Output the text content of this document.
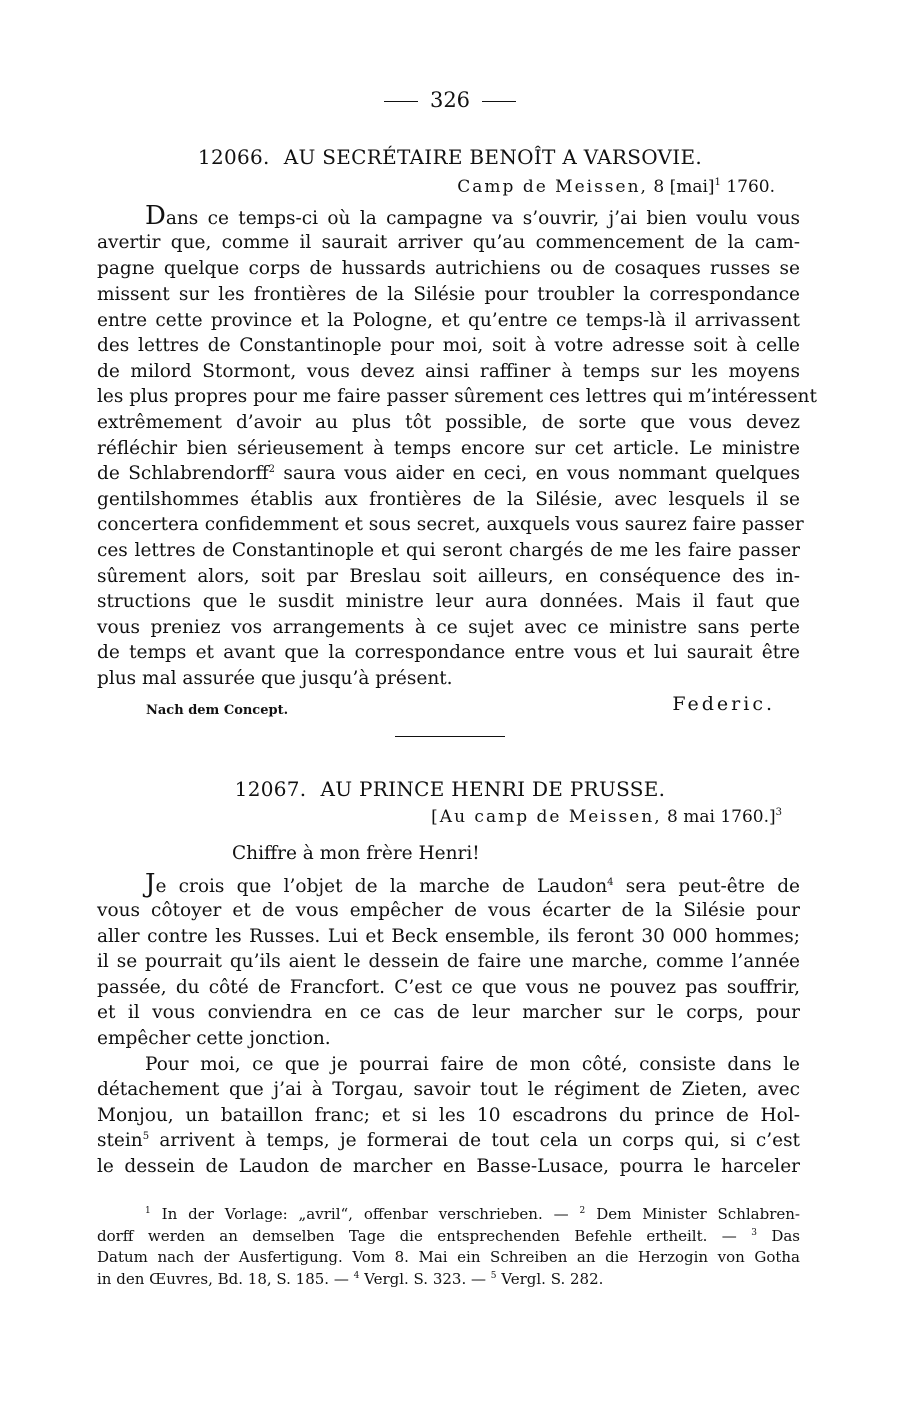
326
12066. AU SECRÉTAIRE BENOÎT A VARSOVIE.
Camp de Meissen, 8 [mai]$^1$ 1760.
Dans ce temps-ci où la campagne va s’ouvrir, j’ai bien voulu vous
avertir que, comme il saurait arriver qu’au commencement de la cam-
pagne quelque corps de hussards autrichiens ou de cosaques russes se
missent sur les frontières de la Silésie pour troubler la correspondance
entre cette province et la Pologne, et qu’entre ce temps-là il arrivassent
des lettres de Constantinople pour moi, soit à votre adresse soit à celle
de milord Stormont, vous devez ainsi raffiner à temps sur les moyens
les plus propres pour me faire passer sûrement ces lettres qui m’intéressent
extrêmement d’avoir au plus tôt possible, de sorte que vous devez
réfléchir bien sérieusement à temps encore sur cet article. Le ministre
de Schlabrendorff$^2$ saura vous aider en ceci, en vous nommant quelques
gentilshommes établis aux frontières de la Silésie, avec lesquels il se
concertera confidemment et sous secret, auxquels vous saurez faire passer
ces lettres de Constantinople et qui seront chargés de me les faire passer
sûrement alors, soit par Breslau soit ailleurs, en conséquence des in-
structions que le susdit ministre leur aura données. Mais il faut que
vous preniez vos arrangements à ce sujet avec ce ministre sans perte
de temps et avant que la correspondance entre vous et lui saurait être
plus mal assurée que jusqu’à présent.
Nach dem Concept.	Federic.
12067. AU PRINCE HENRI DE PRUSSE.
[Au camp de Meissen, 8 mai 1760.]$^3$
Chiffre à mon frère Henri!
Je crois que l’objet de la marche de Laudon$^4$ sera peut-être de
vous côtoyer et de vous empêcher de vous écarter de la Silésie pour
aller contre les Russes. Lui et Beck ensemble, ils feront 30 000 hommes;
il se pourrait qu’ils aient le dessein de faire une marche, comme l’année
passée, du côté de Francfort. C’est ce que vous ne pouvez pas souffrir,
et il vous conviendra en ce cas de leur marcher sur le corps, pour
empêcher cette jonction.
Pour moi, ce que je pourrai faire de mon côté, consiste dans le
détachement que j’ai à Torgau, savoir tout le régiment de Zieten, avec
Monjou, un bataillon franc; et si les 10 escadrons du prince de Hol-
stein$^5$ arrivent à temps, je formerai de tout cela un corps qui, si c’est
le dessein de Laudon de marcher en Basse-Lusace, pourra le harceler
$^1$ In der Vorlage: „avril“, offenbar verschrieben. — $^2$ Dem Minister Schlabren-
dorff werden an demselben Tage die entsprechenden Befehle ertheilt. — $^3$ Das
Datum nach der Ausfertigung. Vom 8. Mai ein Schreiben an die Herzogin von Gotha
in den Œuvres, Bd. 18, S. 185. — $^4$ Vergl. S. 323. — $^5$ Vergl. S. 282.
